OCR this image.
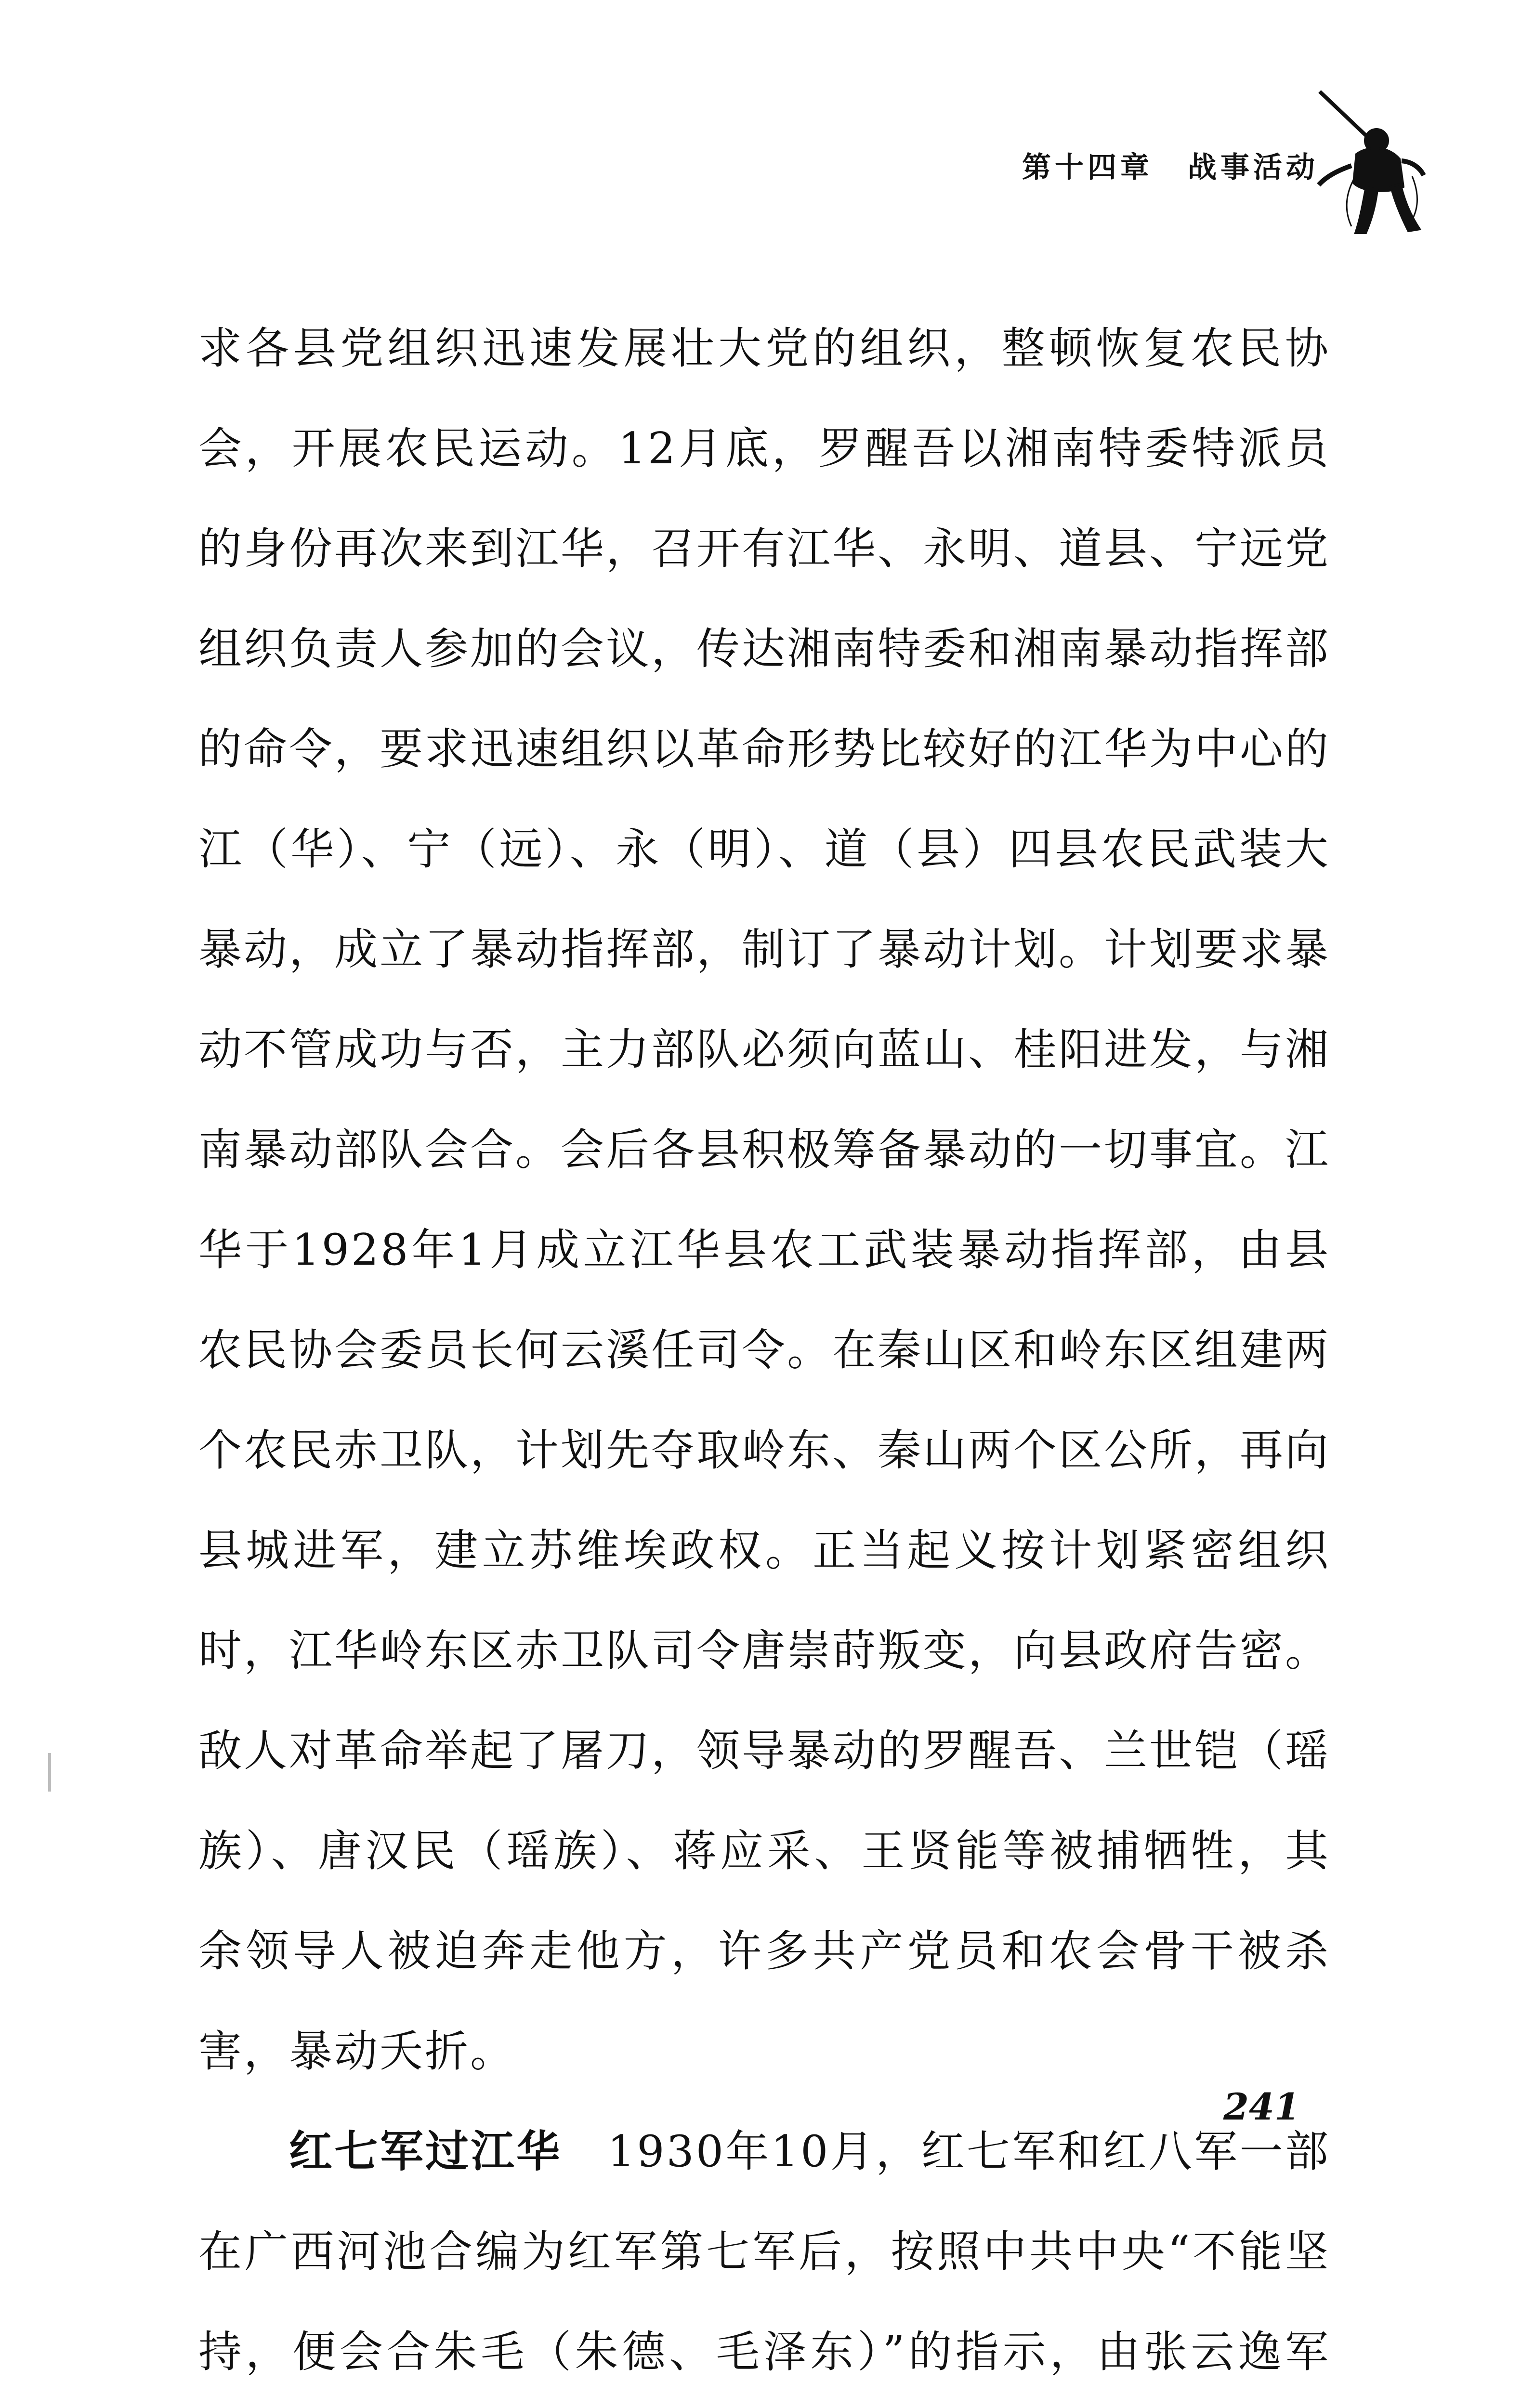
第十四章 战事活动

求各县党组织迅速发展壮大党的组织，整顿恢复农民协会，开展农民运动。12月底，罗醒吾以湘南特委特派员的身份再次来到江华，召开有江华、永明、道县、宁远党组织负责人参加的会议，传达湘南特委和湘南暴动指挥部的命令，要求迅速组织以革命形势比较好的江华为中心的江（华）、宁（远）、永（明）、道（县）四县农民武装大暴动，成立了暴动指挥部，制订了暴动计划。计划要求暴动不管成功与否，主力部队必须向蓝山、桂阳进发，与湘南暴动部队会合。会后各县积极筹备暴动的一切事宜。江华于1928年1月成立江华县农工武装暴动指挥部，由县农民协会委员长何云溪任司令。在秦山区和岭东区组建两个农民赤卫队，计划先夺取岭东、秦山两个区公所，再向县城进军，建立苏维埃政权。正当起义按计划紧密组织时，江华岭东区赤卫队司令唐崇莳叛变，向县政府告密。敌人对革命举起了屠刀，领导暴动的罗醒吾、兰世铠（瑶族）、唐汉民（瑶族）、蒋应采、王贤能等被捕牺牲，其余领导人被迫奔走他方，许多共产党员和农会骨干被杀害，暴动夭折。

红七军过江华　 1930年10月，红七军和红八军一部在广西河池合编为红军第七军后，按照中共中央“不能坚持，便会合朱毛（朱德、毛泽东）”的指示，由张云逸军

241
